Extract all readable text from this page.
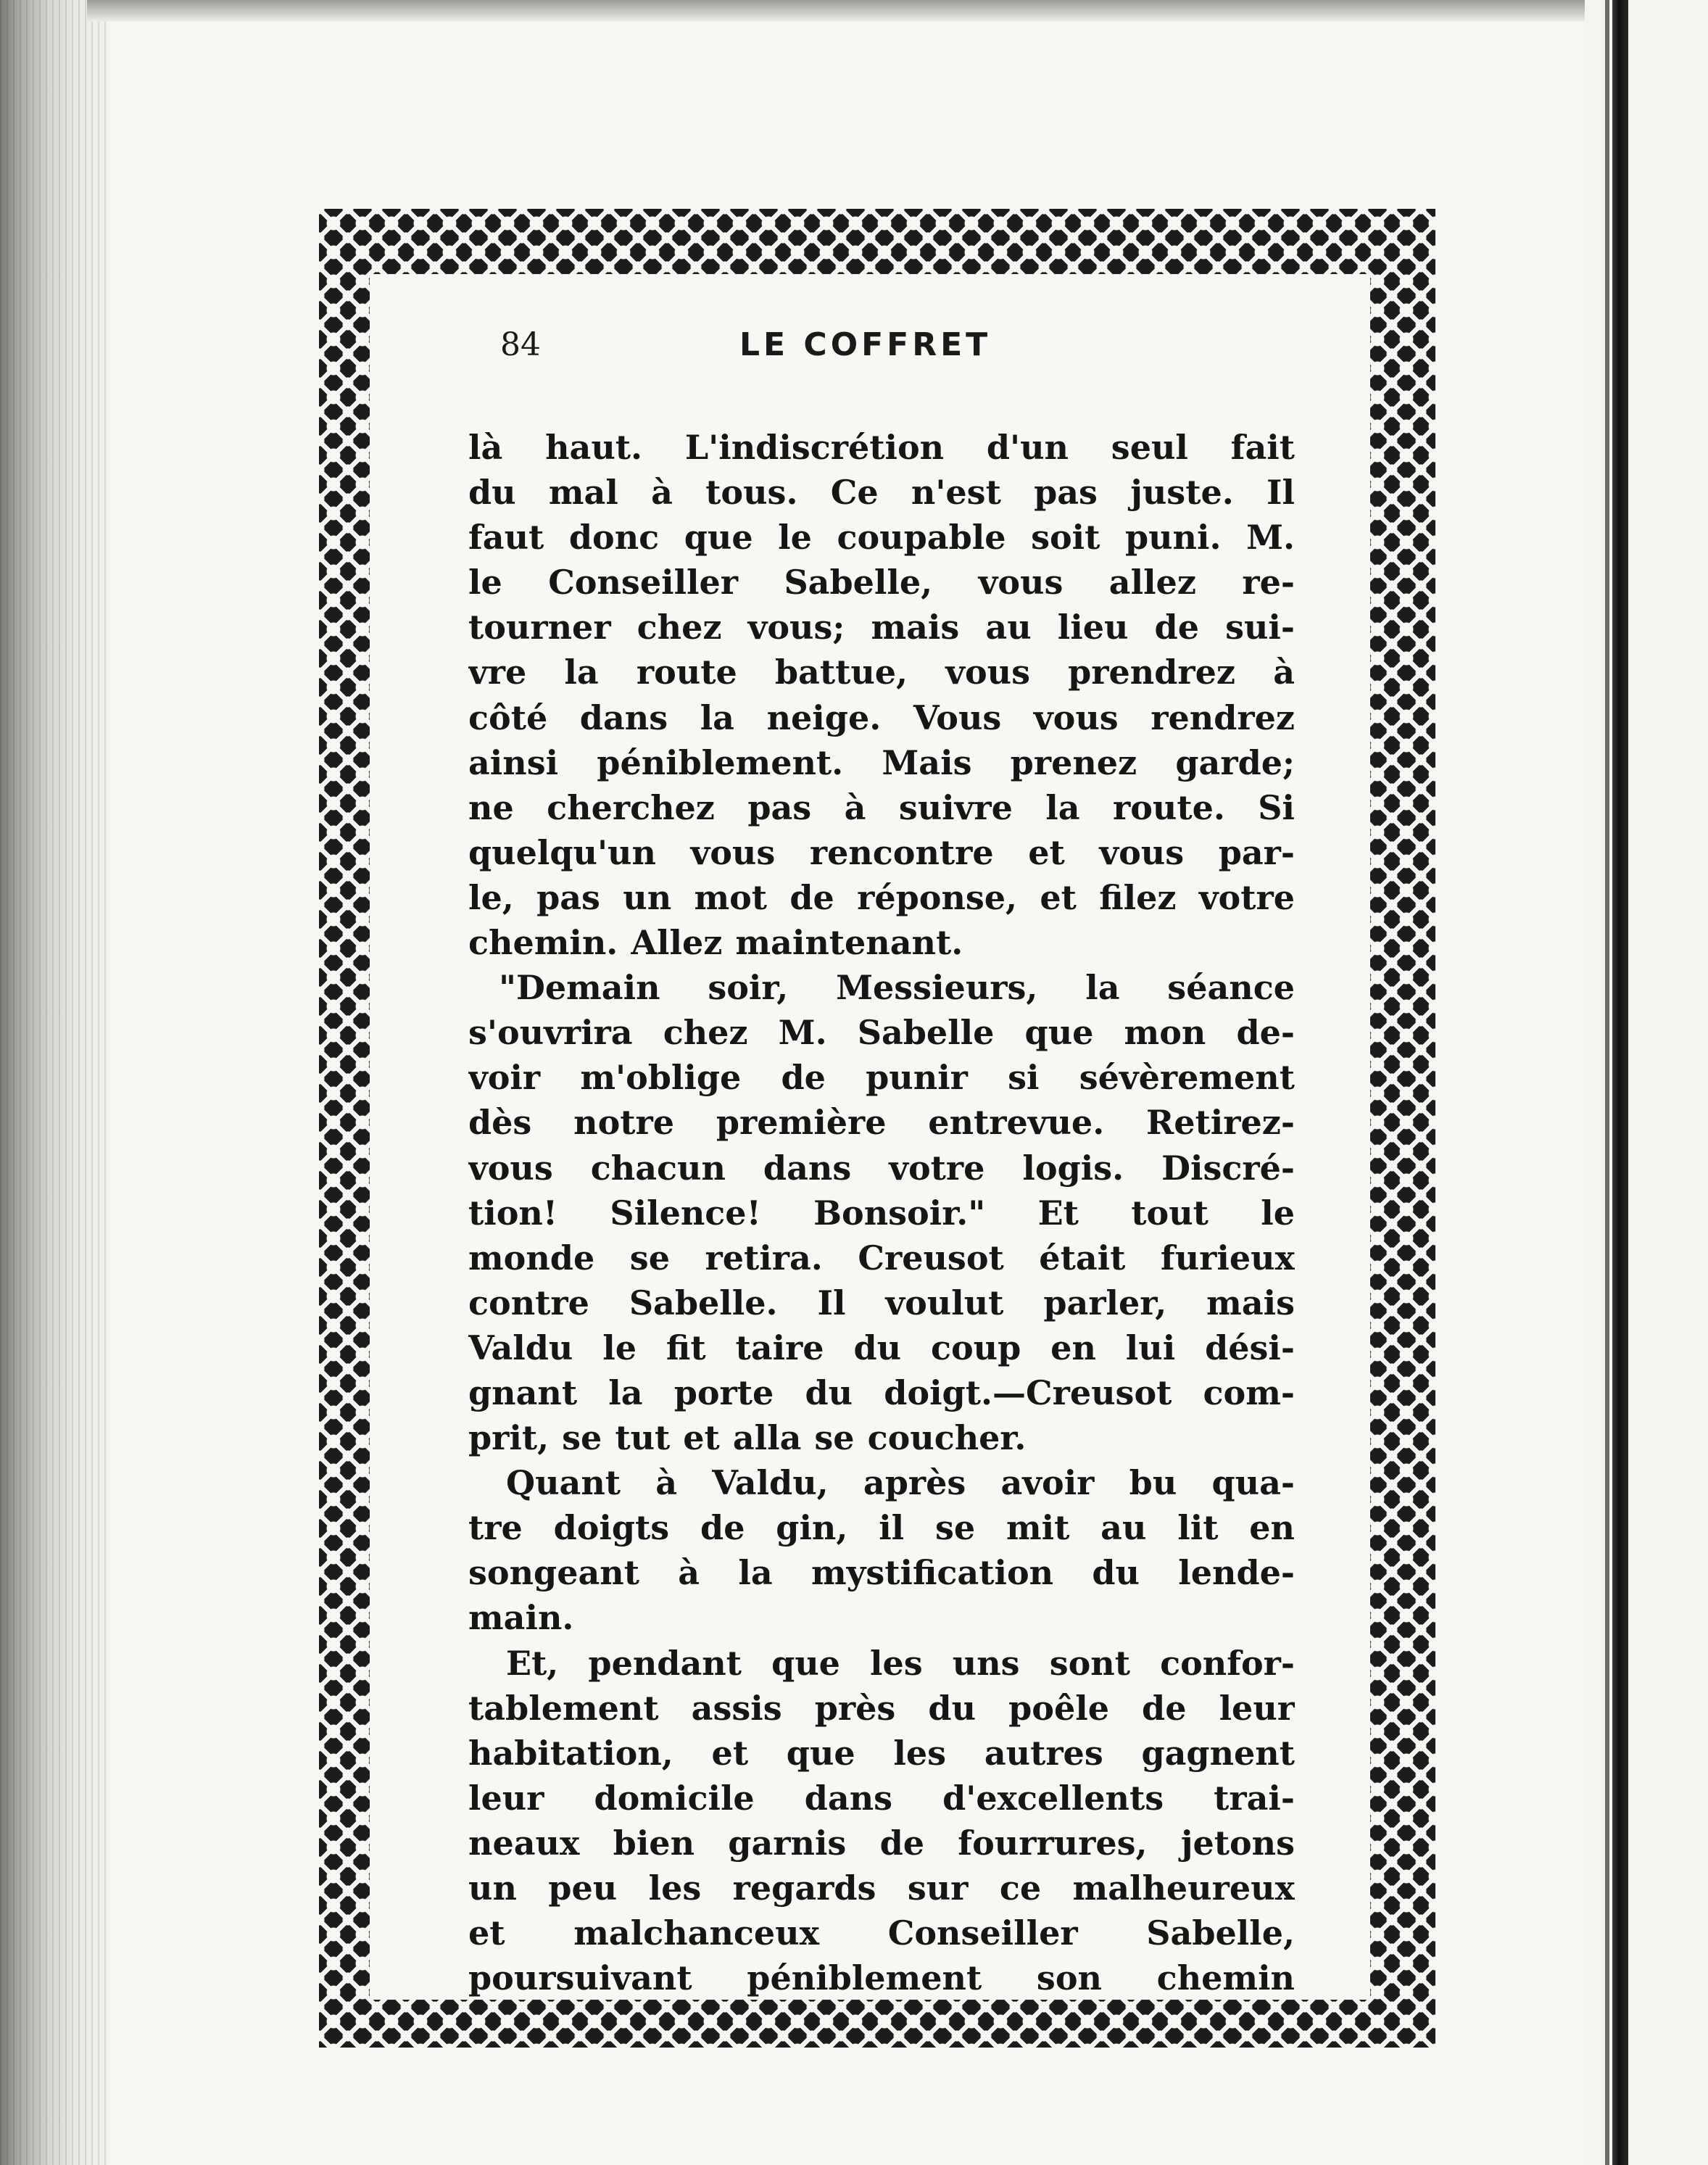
84	LE COFFRET
là haut. L'indiscrétion d'un seul fait
du mal à tous. Ce n'est pas juste. Il
faut donc que le coupable soit puni. M.
le Conseiller Sabelle, vous allez re-
tourner chez vous; mais au lieu de sui-
vre la route battue, vous prendrez à
côté dans la neige. Vous vous rendrez
ainsi péniblement. Mais prenez garde;
ne cherchez pas à suivre la route. Si
quelqu'un vous rencontre et vous par-
le, pas un mot de réponse, et filez votre
chemin. Allez maintenant.
"Demain soir, Messieurs, la séance
s'ouvrira chez M. Sabelle que mon de-
voir m'oblige de punir si sévèrement
dès notre première entrevue. Retirez-
vous chacun dans votre logis. Discré-
tion! Silence! Bonsoir." Et tout le
monde se retira. Creusot était furieux
contre Sabelle. Il voulut parler, mais
Valdu le fit taire du coup en lui dési-
gnant la porte du doigt.—Creusot com-
prit, se tut et alla se coucher.
Quant à Valdu, après avoir bu qua-
tre doigts de gin, il se mit au lit en
songeant à la mystification du lende-
main.
Et, pendant que les uns sont confor-
tablement assis près du poêle de leur
habitation, et que les autres gagnent
leur domicile dans d'excellents trai-
neaux bien garnis de fourrures, jetons
un peu les regards sur ce malheureux
et malchanceux Conseiller Sabelle,
poursuivant péniblement son chemin
